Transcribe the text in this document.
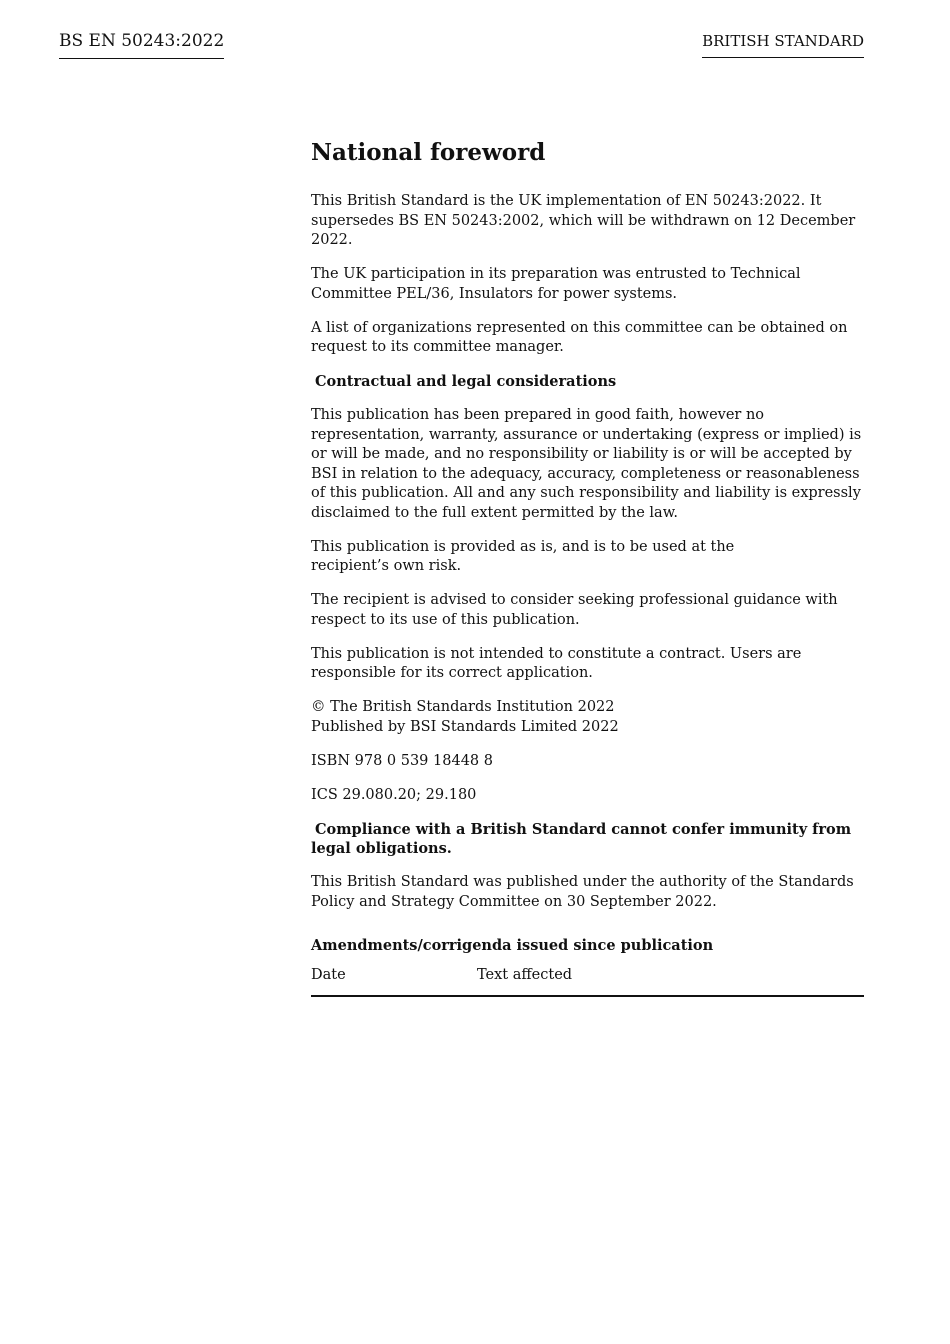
BS EN 50243:2022	BRITISH STANDARD
National foreword

This British Standard is the UK implementation of EN 50243:2022. It supersedes BS EN 50243:2002, which will be withdrawn on 12 December 2022.

The UK participation in its preparation was entrusted to Technical Committee PEL/36, Insulators for power systems.

A list of organizations represented on this committee can be obtained on request to its committee manager.

Contractual and legal considerations

This publication has been prepared in good faith, however no representation, warranty, assurance or undertaking (express or implied) is or will be made, and no responsibility or liability is or will be accepted by BSI in relation to the adequacy, accuracy, completeness or reasonableness of this publication. All and any such responsibility and liability is expressly disclaimed to the full extent permitted by the law.

This publication is provided as is, and is to be used at the recipient’s own risk.

The recipient is advised to consider seeking professional guidance with respect to its use of this publication.

This publication is not intended to constitute a contract. Users are responsible for its correct application.

© The British Standards Institution 2022
Published by BSI Standards Limited 2022

ISBN 978 0 539 18448 8

ICS 29.080.20; 29.180

Compliance with a British Standard cannot confer immunity from legal obligations.

This British Standard was published under the authority of the Standards Policy and Strategy Committee on 30 September 2022.

Amendments/corrigenda issued since publication
Date	Text affected
